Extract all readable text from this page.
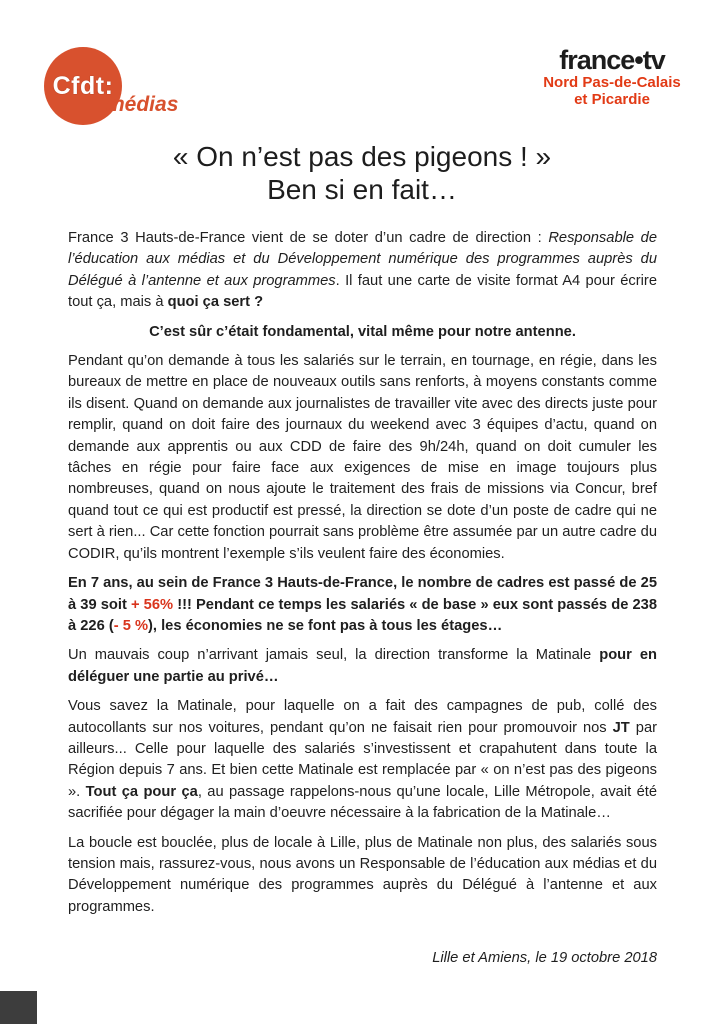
Cfdt:
médias
france•tv
Nord Pas-de-Calais
et Picardie
« On n’est pas des pigeons ! »
Ben si en fait…

France 3 Hauts-de-France vient de se doter d’un cadre de direction : Responsable de l’éducation aux médias et du Développement numérique des programmes auprès du Délégué à l’antenne et aux programmes. Il faut une carte de visite format A4 pour écrire tout ça, mais à quoi ça sert ?

C’est sûr c’était fondamental, vital même pour notre antenne.

Pendant qu’on demande à tous les salariés sur le terrain, en tournage, en régie, dans les bureaux de mettre en place de nouveaux outils sans renforts, à moyens constants comme ils disent. Quand on demande aux journalistes de travailler vite avec des directs juste pour remplir, quand on doit faire des journaux du weekend avec 3 équipes d’actu, quand on demande aux apprentis ou aux CDD de faire des 9h/24h, quand on doit cumuler les tâches en régie pour faire face aux exigences de mise en image toujours plus nombreuses, quand on nous ajoute le traitement des frais de missions via Concur, bref quand tout ce qui est productif est pressé, la direction se dote d’un poste de cadre qui ne sert à rien... Car cette fonction pourrait sans problème être assumée par un autre cadre du CODIR, qu’ils montrent l’exemple s’ils veulent faire des économies.

En 7 ans, au sein de France 3 Hauts-de-France, le nombre de cadres est passé de 25 à 39 soit + 56% !!! Pendant ce temps les salariés « de base » eux sont passés de 238 à 226 (- 5 %), les économies ne se font pas à tous les étages…

Un mauvais coup n’arrivant jamais seul, la direction transforme la Matinale pour en déléguer une partie au privé…

Vous savez la Matinale, pour laquelle on a fait des campagnes de pub, collé des autocollants sur nos voitures, pendant qu’on ne faisait rien pour promouvoir nos JT par ailleurs... Celle pour laquelle des salariés s’investissent et crapahutent dans toute la Région depuis 7 ans. Et bien cette Matinale est remplacée par « on n’est pas des pigeons ». Tout ça pour ça, au passage rappelons-nous qu’une locale, Lille Métropole, avait été sacrifiée pour dégager la main d’oeuvre nécessaire à la fabrication de la Matinale…

La boucle est bouclée, plus de locale à Lille, plus de Matinale non plus, des salariés sous tension mais, rassurez-vous, nous avons un Responsable de l’éducation aux médias et du Développement numérique des programmes auprès du Délégué à l’antenne et aux programmes.

Lille et Amiens, le 19 octobre 2018
